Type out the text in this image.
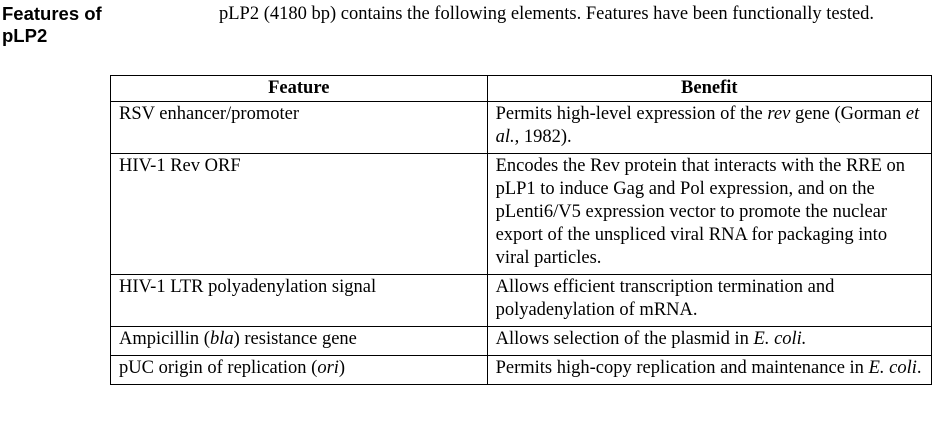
Features of
pLP2
pLP2 (4180 bp) contains the following elements. Features have been functionally tested.
Feature	Benefit
RSV enhancer/promoter	Permits high-level expression of the rev gene (Gorman et al., 1982).
HIV-1 Rev ORF	Encodes the Rev protein that interacts with the RRE on pLP1 to induce Gag and Pol expression, and on the pLenti6/V5 expression vector to promote the nuclear export of the unspliced viral RNA for packaging into viral particles.
HIV-1 LTR polyadenylation signal	Allows efficient transcription termination and polyadenylation of mRNA.
Ampicillin (bla) resistance gene	Allows selection of the plasmid in E. coli.
pUC origin of replication (ori)	Permits high-copy replication and maintenance in E. coli.
